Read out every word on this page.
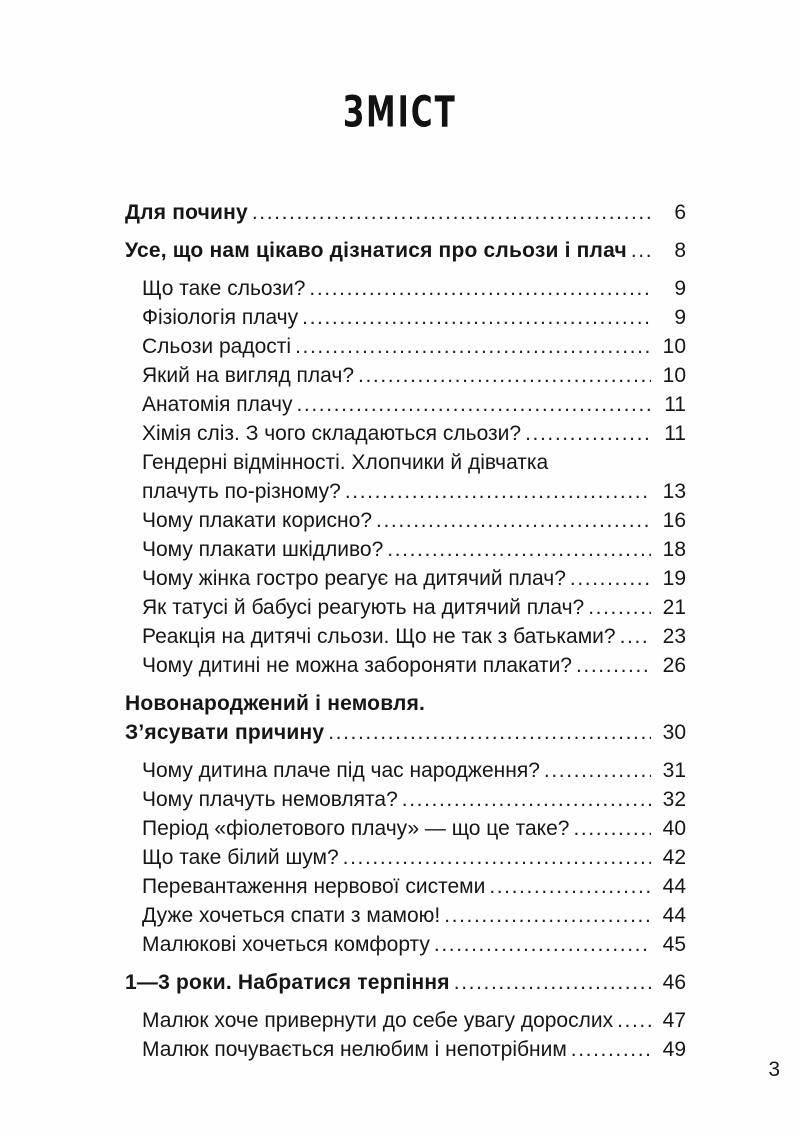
ЗМІСТ
Для почину .....	6
Усе, що нам цікаво дізнатися про сльози і плач .....	8
Що таке сльози? .....	9
Фізіологія плачу .....	9
Сльози радості .....	10
Який на вигляд плач? .....	10
Анатомія плачу .....	11
Хімія сліз. З чого складаються сльози? .....	11
Гендерні відмінності. Хлопчики й дівчатка
плачуть по-різному? .....	13
Чому плакати корисно? .....	16
Чому плакати шкідливо? .....	18
Чому жінка гостро реагує на дитячий плач? .....	19
Як татусі й бабусі реагують на дитячий плач? .....	21
Реакція на дитячі сльози. Що не так з батьками? .....	23
Чому дитині не можна забороняти плакати? .....	26
Новонароджений і немовля.
З’ясувати причину .....	30
Чому дитина плаче під час народження? .....	31
Чому плачуть немовлята? .....	32
Період «фіолетового плачу» — що це таке? .....	40
Що таке білий шум? .....	42
Перевантаження нервової системи .....	44
Дуже хочеться спати з мамою! .....	44
Малюкові хочеться комфорту .....	45
1—3 роки. Набратися терпіння .....	46
Малюк хоче привернути до себе увагу дорослих .....	47
Малюк почувається нелюбим і непотрібним .....	49
3
